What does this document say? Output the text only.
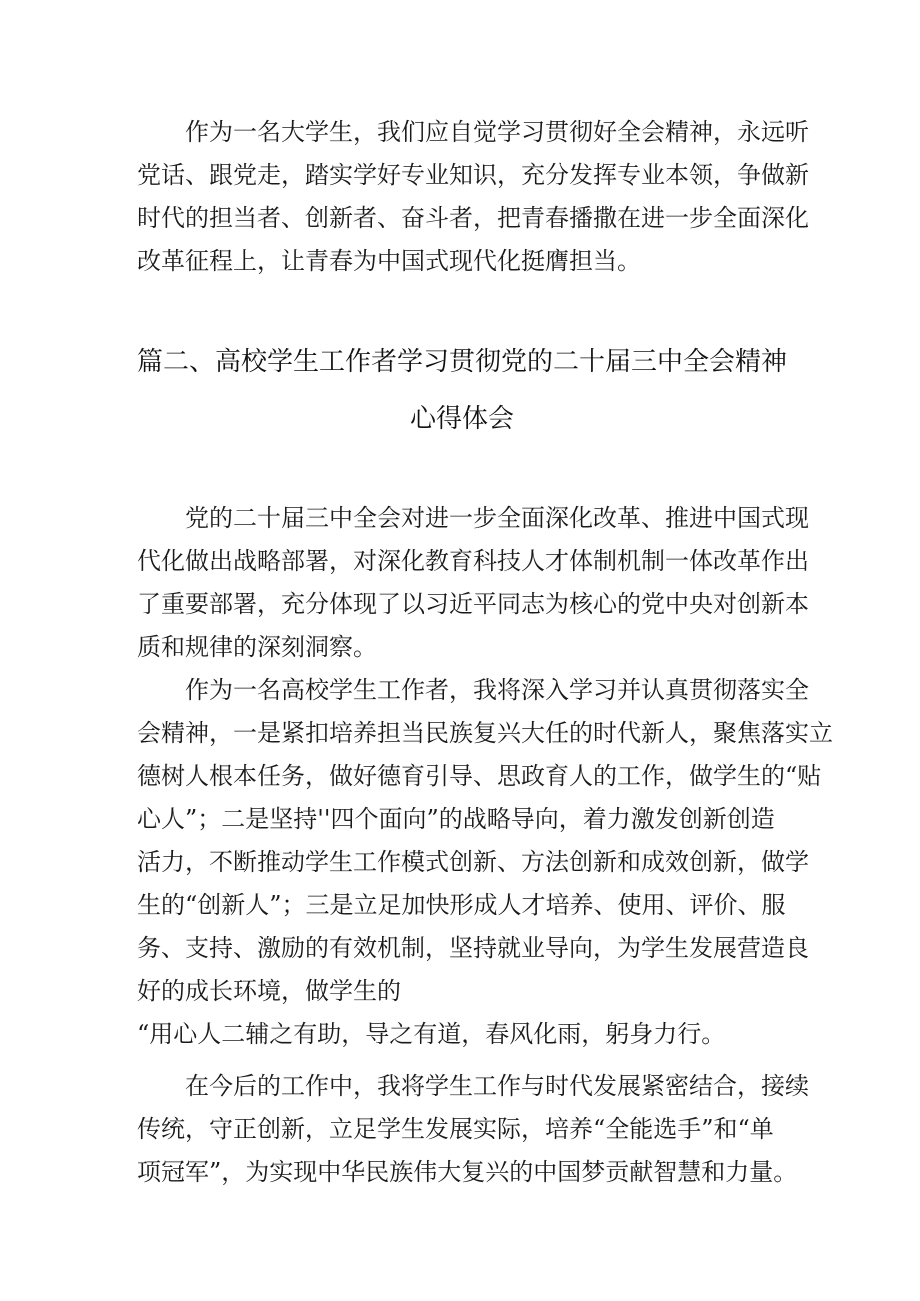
作为一名大学生，我们应自觉学习贯彻好全会精神，永远听
党话、跟党走，踏实学好专业知识，充分发挥专业本领，争做新
时代的担当者、创新者、奋斗者，把青春播撒在进一步全面深化
改革征程上，让青春为中国式现代化挺膺担当。
篇二、高校学生工作者学习贯彻党的二十届三中全会精神
心得体会
党的二十届三中全会对进一步全面深化改革、推进中国式现
代化做出战略部署，对深化教育科技人才体制机制一体改革作出
了重要部署，充分体现了以习近平同志为核心的党中央对创新本
质和规律的深刻洞察。
作为一名高校学生工作者，我将深入学习并认真贯彻落实全
会精神，一是紧扣培养担当民族复兴大任的时代新人，聚焦落实立
德树人根本任务，做好德育引导、思政育人的工作，做学生的“贴
心人”；二是坚持''四个面向”的战略导向，着力激发创新创造
活力，不断推动学生工作模式创新、方法创新和成效创新，做学
生的“创新人”；三是立足加快形成人才培养、使用、评价、服
务、支持、激励的有效机制，坚持就业导向，为学生发展营造良
好的成长环境，做学生的
“用心人二辅之有助，导之有道，春风化雨，躬身力行。
在今后的工作中，我将学生工作与时代发展紧密结合，接续
传统，守正创新，立足学生发展实际，培养“全能选手”和“单
项冠军”，为实现中华民族伟大复兴的中国梦贡献智慧和力量。
